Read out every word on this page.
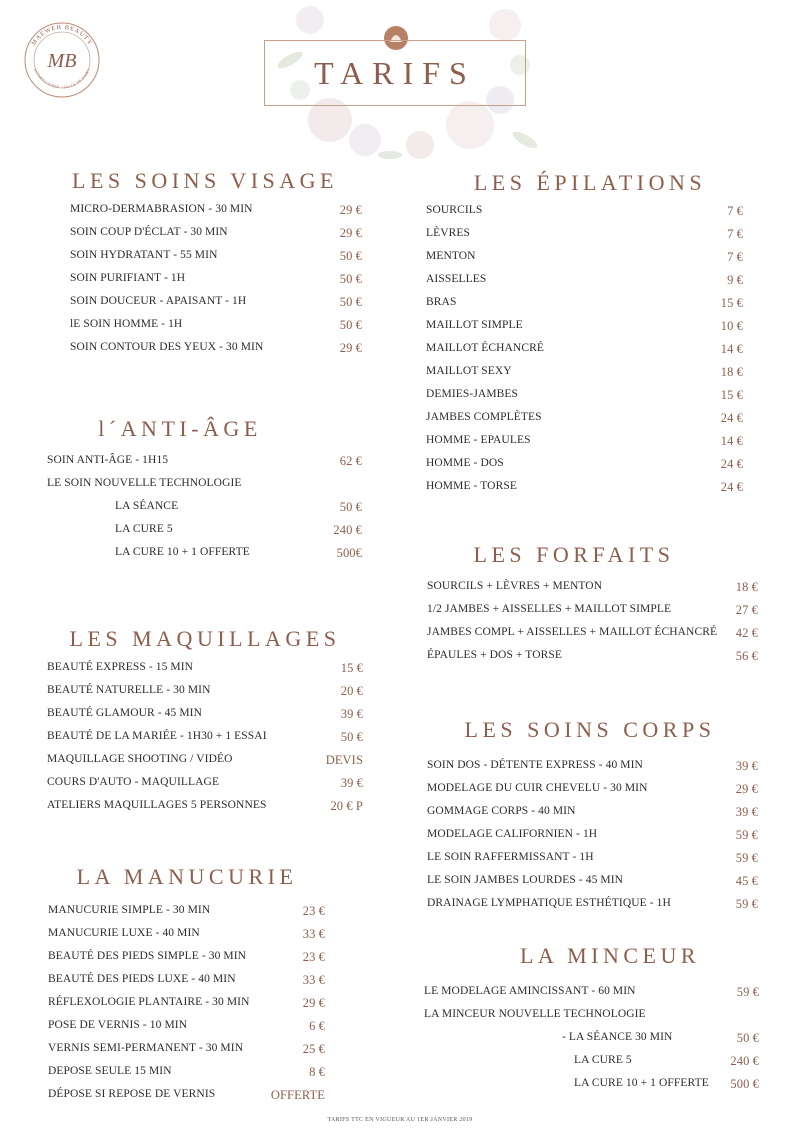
MAEWEH BEAUTY
ESTHÉTICIENNE - SALLE DE SOINS
MB	TARIFS
LES SOINS VISAGE
l´ANTI-ÂGE
LES MAQUILLAGES
LA MANUCURIE
LES ÉPILATIONS
LES FORFAITS
LES SOINS CORPS
LA MINCEUR
TARIFS TTC EN VIGUEUR AU 1ER JANVIER 2019
MICRO-DERMABRASION - 30 MIN	29 €
SOIN COUP D'ÉCLAT - 30 MIN	29 €
SOIN HYDRATANT - 55 MIN	50 €
SOIN PURIFIANT - 1H	50 €
SOIN DOUCEUR - APAISANT - 1H	50 €
lE SOIN HOMME - 1H	50 €
SOIN CONTOUR DES YEUX - 30 MIN	29 €
SOIN ANTI-ÂGE - 1H15	62 €
LE SOIN NOUVELLE TECHNOLOGIE
LA SÉANCE	50 €
LA CURE 5	240 €
LA CURE 10 + 1 OFFERTE	500€
BEAUTÉ EXPRESS - 15 MIN	15 €
BEAUTÉ NATURELLE - 30 MIN	20 €
BEAUTÉ GLAMOUR - 45 MIN	39 €
BEAUTÉ DE LA MARIÉE - 1H30 + 1 ESSAI	50 €
MAQUILLAGE SHOOTING / VIDÉO	DEVIS
COURS D'AUTO - MAQUILLAGE	39 €
ATELIERS MAQUILLAGES 5 PERSONNES	20 € P
MANUCURIE SIMPLE - 30 MIN	23 €
MANUCURIE LUXE - 40 MIN	33 €
BEAUTÉ DES PIEDS SIMPLE - 30 MIN	23 €
BEAUTÉ DES PIEDS LUXE - 40 MIN	33 €
RÉFLEXOLOGIE PLANTAIRE - 30 MIN	29 €
POSE DE VERNIS - 10 MIN	6 €
VERNIS SEMI-PERMANENT - 30 MIN	25 €
DEPOSE SEULE 15 MIN	8 €
DÉPOSE SI REPOSE DE VERNIS	OFFERTE
SOURCILS	7 €
LÈVRES	7 €
MENTON	7 €
AISSELLES	9 €
BRAS	15 €
MAILLOT SIMPLE	10 €
MAILLOT ÉCHANCRÉ	14 €
MAILLOT SEXY	18 €
DEMIES-JAMBES	15 €
JAMBES COMPLÈTES	24 €
HOMME - EPAULES	14 €
HOMME - DOS	24 €
HOMME - TORSE	24 €
SOURCILS + LÈVRES + MENTON	18 €
1/2 JAMBES + AISSELLES + MAILLOT SIMPLE	27 €
JAMBES COMPL + AISSELLES + MAILLOT ÉCHANCRÉ 42 €
ÉPAULES + DOS + TORSE	56 €
SOIN DOS - DÉTENTE EXPRESS - 40 MIN	39 €
MODELAGE DU CUIR CHEVELU - 30 MIN	29 €
GOMMAGE CORPS - 40 MIN	39 €
MODELAGE CALIFORNIEN - 1H	59 €
LE SOIN RAFFERMISSANT - 1H	59 €
LE SOIN JAMBES LOURDES - 45 MIN	45 €
DRAINAGE LYMPHATIQUE ESTHÉTIQUE - 1H	59 €
LE MODELAGE AMINCISSANT - 60 MIN	59 €
LA MINCEUR NOUVELLE TECHNOLOGIE
- LA SÉANCE 30 MIN	50 €
LA CURE 5	240 €
LA CURE 10 + 1 OFFERTE 500 €
